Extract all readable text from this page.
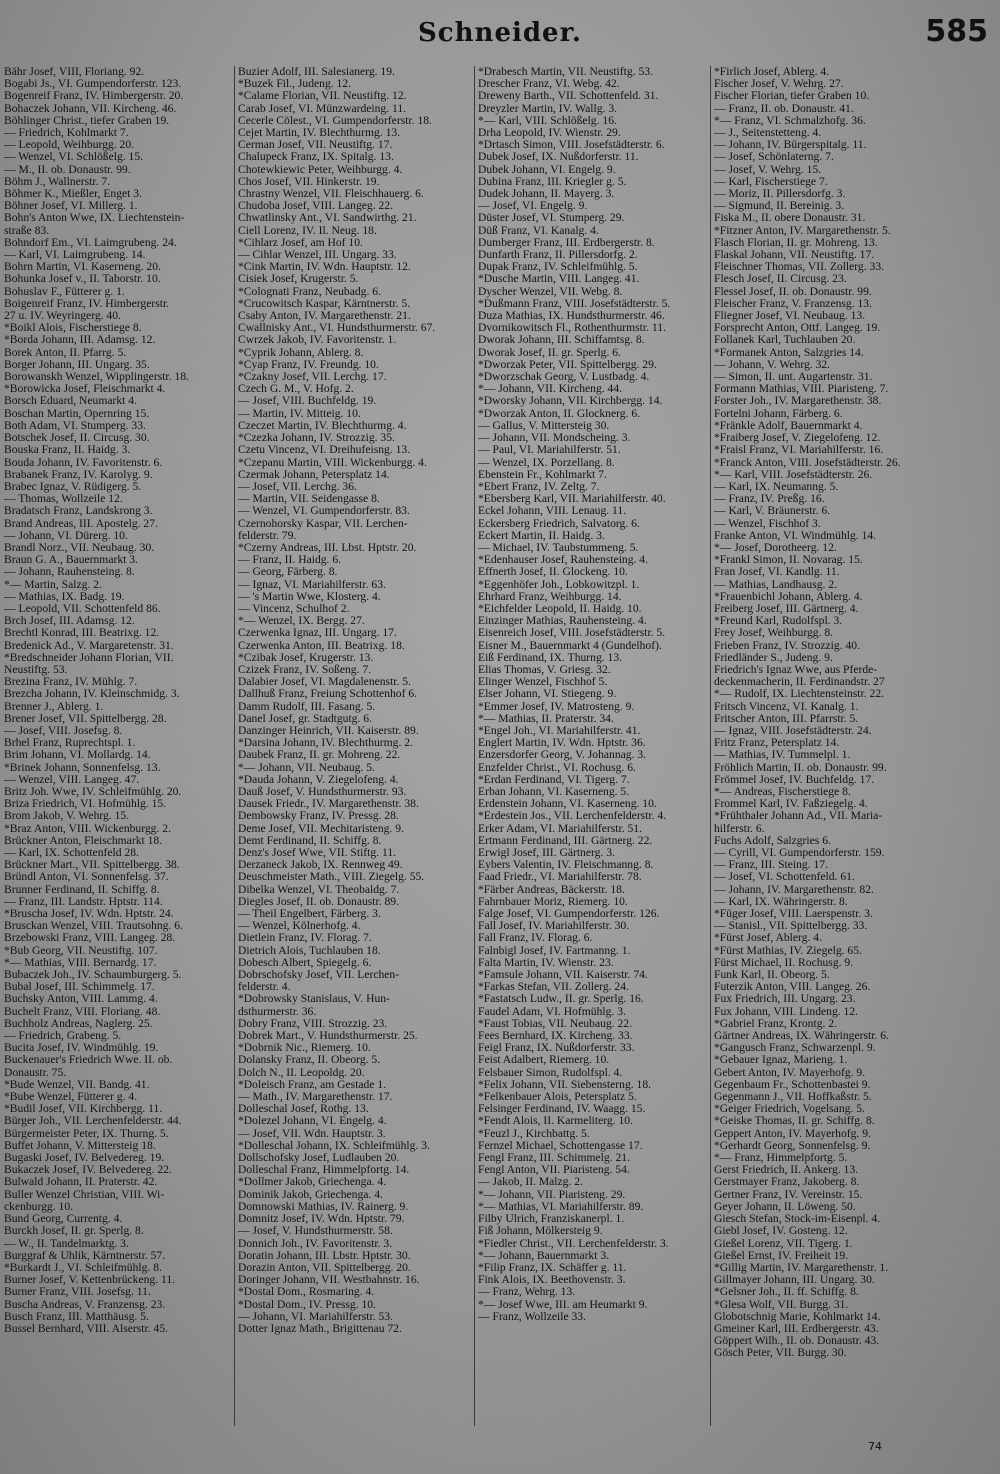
Schneider.	585
Bähr Josef, VIII, Floriang. 92.
Bogabi Js., VI. Gumpendorferstr. 123.
Bogenreif Franz, IV. Himbergerstr. 20.
Bohaczek Johann, VII. Kircheng. 46.
Böhlinger Christ., tiefer Graben 19.
— Friedrich, Kohlmarkt 7.
— Leopold, Weihburgg. 20.
— Wenzel, VI. Schlößelg. 15.
— M., II. ob. Donaustr. 99.
Böhm J., Wallnerstr. 7.
Böhmer K., Mießler, Enget 3.
Böhner Josef, VI. Millerg. 1.
Bohn's Anton Wwe, IX. Liechtenstein-
straße 83.
Bohndorf Em., VI. Laimgrubeng. 24.
— Karl, VI. Laimgrubeng. 14.
Bohrn Martin, VI. Kaserneng. 20.
Bohunka Josef v., II. Taborstr. 10.
Bohuslav F., Fütterer g. 1.
Boigenreif Franz, IV. Himbergerstr.
27 u. IV. Weyringerg. 40.
*Boikl Alois, Fischerstiege 8.
*Borda Johann, III. Adamsg. 12.
Borek Anton, II. Pfarrg. 5.
Borger Johann, III. Ungarg. 35.
Borowanskh Wenzel, Wipplingerstr. 18.
*Borowicka Josef, Fleischmarkt 4.
Borsch Eduard, Neumarkt 4.
Boschan Martin, Opernring 15.
Both Adam, VI. Stumperg. 33.
Botschek Josef, II. Circusg. 30.
Bouska Franz, II. Haidg. 3.
Bouda Johann, IV. Favoritenstr. 6.
Brabanek Franz, IV. Karolyg. 9.
Brabec Ignaz, V. Rüdigerg. 5.
— Thomas, Wollzeile 12.
Bradatsch Franz, Landskrong 3.
Brand Andreas, III. Apostelg. 27.
— Johann, VI. Dürerg. 10.
Brandl Norz., VII. Neubaug. 30.
Braun G. A., Bauernmarkt 3.
— Johann, Rauhensteing. 8.
*— Martin, Salzg. 2.
— Mathias, IX. Badg. 19.
— Leopold, VII. Schottenfeld 86.
Brch Josef, III. Adamsg. 12.
Brechtl Konrad, III. Beatrixg. 12.
Bredenick Ad., V. Margaretenstr. 31.
*Bredschneider Johann Florian, VII.
Neustiftg. 53.
Brezina Franz, IV. Mühlg. 7.
Brezcha Johann, IV. Kleinschmidg. 3.
Brenner J., Ablerg. 1.
Brener Josef, VII. Spittelbergg. 28.
— Josef, VIII. Josefsg. 8.
Brhel Franz, Ruprechtspl. 1.
Brim Johann, VI. Mollardg. 14.
*Brinek Johann, Sonnenfelsg. 13.
— Wenzel, VIII. Langeg. 47.
Britz Joh. Wwe, IV. Schleifmühlg. 20.
Briza Friedrich, VI. Hofmühlg. 15.
Brom Jakob, V. Wehrg. 15.
*Braz Anton, VIII. Wickenburgg. 2.
Brückner Anton, Fleischmarkt 18.
— Karl, IX. Schottenfeld 28.
Brückner Mart., VII. Spittelbergg. 38.
Bründl Anton, VI. Sonnenfelsg. 37.
Brunner Ferdinand, II. Schiffg. 8.
— Franz, III. Landstr. Hptstr. 114.
*Bruscha Josef, IV. Wdn. Hptstr. 24.
Brusckan Wenzel, VIII. Trautsohng. 6.
Brzebowski Franz, VIII. Langeg. 28.
*Bub Georg, VII. Neustiftg. 107.
*— Mathias, VIII. Bernardg. 17.
Bubaczek Joh., IV. Schaumburgerg. 5.
Bubal Josef, III. Schimmelg. 17.
Buchsky Anton, VIII. Lammg. 4.
Buchelt Franz, VIII. Floriang. 48.
Buchholz Andreas, Naglerg. 25.
— Friedrich, Grabeng. 5.
Bucita Josef, IV. Windmühlg. 19.
Buckenauer's Friedrich Wwe. II. ob.
Donaustr. 75.
*Bude Wenzel, VII. Bandg. 41.
*Bube Wenzel, Fütterer g. 4.
*Budil Josef, VII. Kirchbergg. 11.
Bürger Joh., VII. Lerchenfelderstr. 44.
Bürgermeister Peter, IX. Thurng. 5.
Buffet Johann, V. Mittersteig 18.
Bugaski Josef, IV. Belvedereg. 19.
Bukaczek Josef, IV. Belvedereg. 22.
Bulwald Johann, II. Praterstr. 42.
Buller Wenzel Christian, VIII. Wi-
ckenburgg. 10.
Bund Georg, Currentg. 4.
Burckh Josef, II. gr. Sperlg. 8.
— W., II. Tandelmarktg. 3.
Burggraf & Uhlik, Kärntnerstr. 57.
*Burkardt J., VI. Schleifmühlg. 8.
Burner Josef, V. Kettenbrückeng. 11.
Burner Franz, VIII. Josefsg. 11.
Buscha Andreas, V. Franzensg. 23.
Busch Franz, III. Matthäusg. 5.
Bussel Bernhard, VIII. Alserstr. 45.
Buzier Adolf, III. Salesianerg. 19.
*Buzek Fil., Judeng. 12.
*Calame Florian, VII. Neustiftg. 12.
Carab Josef, VI. Münzwardeing. 11.
Cecerle Cölest., VI. Gumpendorferstr. 18.
Cejet Martin, IV. Blechthurmg. 13.
Cerman Josef, VII. Neustiftg. 17.
Chalupeck Franz, IX. Spitalg. 13.
Chotewkiewic Peter, Weihburgg. 4.
Chos Josef, VII. Hinkerstr. 19.
Chrastny Wenzel, VII. Fleischhauerg. 6.
Chudoba Josef, VIII. Langeg. 22.
Chwatlinsky Ant., VI. Sandwirthg. 21.
Ciell Lorenz, IV. Il. Neug. 18.
*Cihlarz Josef, am Hof 10.
— Cihlar Wenzel, III. Ungarg. 33.
*Cink Martin, IV. Wdn. Hauptstr. 12.
Cisiek Josef, Krugerstr. 5.
*Colognati Franz, Neubadg. 6.
*Crucowitsch Kaspar, Kärntnerstr. 5.
Csaby Anton, IV. Margarethenstr. 21.
Cwallnisky Ant., VI. Hundsthurmerstr. 67.
Cwrzek Jakob, IV. Favoritenstr. 1.
*Cyprik Johann, Ablerg. 8.
*Cyap Franz, IV. Freundg. 10.
*Czakny Josef, VII. Lerchg. 17.
Czech G. M., V. Hofg. 2.
— Josef, VIII. Buchfeldg. 19.
— Martin, IV. Mitteig. 10.
Czeczet Martin, IV. Blechthurmg. 4.
*Czezka Johann, IV. Strozzig. 35.
Czetu Vincenz, VI. Dreihufeisng. 13.
*Czepanu Martin, VIII. Wickenburgg. 4.
Czermak Johann, Petersplatz 14.
— Josef, VII. Lerchg. 36.
— Martin, VII. Seidengasse 8.
— Wenzel, VI. Gumpendorferstr. 83.
Czernohorsky Kaspar, VII. Lerchen-
felderstr. 79.
*Czerny Andreas, III. Lbst. Hptstr. 20.
— Franz, II. Haidg. 6.
— Georg, Färberg. 8.
— Ignaz, VI. Mariahilferstr. 63.
— 's Martin Wwe, Klosterg. 4.
— Vincenz, Schulhof 2.
*— Wenzel, IX. Bergg. 27.
Czerwenka Ignaz, III. Ungarg. 17.
Czerwenka Anton, III. Beatrixg. 18.
*Czibak Josef, Krugerstr. 13.
Czizek Franz, IV. Soßeng. 7.
Dalabier Josef, VI. Magdalenenstr. 5.
Dallhuß Franz, Freiung Schottenhof 6.
Damm Rudolf, III. Fasang. 5.
Danel Josef, gr. Stadtgutg. 6.
Danzinger Heinrich, VII. Kaiserstr. 89.
*Darsina Johann, IV. Blechthurmg. 2.
Daubek Franz, II. gr. Mohreng. 22.
*— Johann, VII. Neubaug. 5.
*Dauda Johann, V. Ziegelofeng. 4.
Dauß Josef, V. Hundsthurmerstr. 93.
Dausek Friedr., IV. Margarethenstr. 38.
Dembowsky Franz, IV. Pressg. 28.
Deme Josef, VII. Mechitaristeng. 9.
Demt Ferdinand, II. Schiffg. 8.
Denz's Josef Wwe, VII. Stiftg. 11.
Derzaneck Jakob, IX. Rennweg 49.
Deuschmeister Math., VIII. Ziegelg. 55.
Dibelka Wenzel, VI. Theobaldg. 7.
Diegles Josef, II. ob. Donaustr. 89.
— Theil Engelbert, Färberg. 3.
— Wenzel, Kölnerhofg. 4.
Dietlein Franz, IV. Florag. 7.
Dietrich Alois, Tuchlauben 18.
Dobesch Albert, Spiegelg. 6.
Dobrschofsky Josef, VII. Lerchen-
felderstr. 4.
*Dobrowsky Stanislaus, V. Hun-
dsthurmerstr. 36.
Dobry Franz, VIII. Strozzig. 23.
Dobrek Mart., V. Hundsthurmerstr. 25.
*Dobrnik Nic., Riemerg. 10.
Dolansky Franz, II. Obeorg. 5.
Dolch N., II. Leopoldg. 20.
*Doleisch Franz, am Gestade 1.
— Math., IV. Margarethenstr. 17.
Dolleschal Josef, Rothg. 13.
*Dolezel Johann, VI. Engelg. 4.
— Josef, VII. Wdn. Hauptstr. 3.
*Dolleschal Johann, IX. Schleifmühlg. 3.
Dollschofsky Josef, Ludlauben 20.
Dolleschal Franz, Himmelpfortg. 14.
*Dollmer Jakob, Griechenga. 4.
Dominik Jakob, Griechenga. 4.
Domnowski Mathias, IV. Rainerg. 9.
Domnitz Josef, IV. Wdn. Hptstr. 79.
— Josef, V. Hundsthurmerstr. 58.
Donnich Joh., IV. Favoritenstr. 3.
Doratin Johann, III. Lbstr. Hptstr. 30.
Dorazin Anton, VII. Spittelbergg. 20.
Doringer Johann, VII. Westbahnstr. 16.
*Dostal Dom., Rosmaring. 4.
*Dostal Dom., IV. Pressg. 10.
— Johann, VI. Mariahilferstr. 53.
Dotter Ignaz Math., Brigittenau 72.
*Drabesch Martin, VII. Neustiftg. 53.
Drescher Franz, VI. Webg. 42.
Dreweny Barth., VII. Schottenfeld. 31.
Dreyzler Martin, IV. Wallg. 3.
*— Karl, VIII. Schlößelg. 16.
Drha Leopold, IV. Wienstr. 29.
*Drtasch Simon, VIII. Josefstädterstr. 6.
Dubek Josef, IX. Nußdorferstr. 11.
Dubek Johann, VI. Engelg. 9.
Dubina Franz, III. Kriegler g. 5.
Dudek Johann, II. Mayerg. 3.
— Josef, VI. Engelg. 9.
Düster Josef, VI. Stumperg. 29.
Düß Franz, VI. Kanalg. 4.
Dumberger Franz, III. Erdbergerstr. 8.
Dunfarth Franz, II. Pillersdorfg. 2.
Dupak Franz, IV. Schleifmühlg. 5.
*Dusche Martin, VIII. Langeg. 41.
Dyscher Wenzel, VII. Webg. 8.
*Dußmann Franz, VIII. Josefstädterstr. 5.
Duza Mathias, IX. Hundsthurmerstr. 46.
Dvornikowitsch Fl., Rothenthurmstr. 11.
Dworak Johann, III. Schiffamtsg. 8.
Dworak Josef, II. gr. Sperlg. 6.
*Dworzak Peter, VII. Spittelbergg. 29.
*Dworzschak Georg, V. Lustbadg. 4.
*— Johann, VII. Kircheng. 44.
*Dworsky Johann, VII. Kirchbergg. 14.
*Dworzak Anton, II. Glocknerg. 6.
— Gallus, V. Mittersteig 30.
— Johann, VII. Mondscheing. 3.
— Paul, VI. Mariahilferstr. 51.
— Wenzel, IX. Porzellang. 8.
Ebenstein Fr., Kohlmarkt 7.
*Ebert Franz, IV. Zeltg. 7.
*Ebersberg Karl, VII. Mariahilferstr. 40.
Eckel Johann, VIII. Lenaug. 11.
Eckersberg Friedrich, Salvatorg. 6.
Eckert Martin, II. Haidg. 3.
— Michael, IV. Taubstummeng. 5.
*Edenhauser Josef, Rauhensteing. 4.
Effnerth Josef, II. Glockeng. 10.
*Eggenhöfer Joh., Lobkowitzpl. 1.
Ehrhard Franz, Weihburgg. 14.
*Eichfelder Leopold, II. Haidg. 10.
Einzinger Mathias, Rauhensteing. 4.
Eisenreich Josef, VIII. Josefstädterstr. 5.
Eisner M., Bauernmarkt 4 (Gundelhof).
Eiß Ferdinand, IX. Thurng. 13.
Elias Thomas, V. Griesg. 32.
Elinger Wenzel, Fischhof 5.
Elser Johann, VI. Stiegeng. 9.
*Emmer Josef, IV. Matrosteng. 9.
*— Mathias, II. Praterstr. 34.
*Engel Joh., VI. Mariahilferstr. 41.
Englert Martin, IV. Wdn. Hptstr. 36.
Enzersdorfer Georg, V. Johannag. 3.
Enzfelder Christ., VI. Rochusg. 6.
*Erdan Ferdinand, VI. Tigerg. 7.
Erban Johann, VI. Kaserneng. 5.
Erdenstein Johann, VI. Kaserneng. 10.
*Erdestein Jos., VII. Lerchenfelderstr. 4.
Erker Adam, VI. Mariahilferstr. 51.
Ertmann Ferdinand, III. Gärtnerg. 22.
Erwigl Josef, III. Gärtnerg. 3.
Eybers Valentin, IV. Fleischmanng. 8.
Faad Friedr., VI. Mariahilferstr. 78.
*Färber Andreas, Bäckerstr. 18.
Fahrnbauer Moriz, Riemerg. 10.
Falge Josef, VI. Gumpendorferstr. 126.
Fall Josef, IV. Mariahilferstr. 30.
Fall Franz, IV. Florag. 6.
Falnbigl Josef, IV. Fartmanng. 1.
Falta Martin, IV. Wienstr. 23.
*Famsule Johann, VII. Kaiserstr. 74.
*Farkas Stefan, VII. Zollerg. 24.
*Fastatsch Ludw., II. gr. Sperlg. 16.
Faudel Adam, VI. Hofmühlg. 3.
*Faust Tobias, VII. Neubaug. 22.
Fees Bernhard, IX. Kircheng. 33.
Feigl Franz, IX. Nußdorferstr. 33.
Feist Adalbert, Riemerg. 10.
Felsbauer Simon, Rudolfspl. 4.
*Felix Johann, VII. Siebensterng. 18.
*Felkenbauer Alois, Petersplatz 5.
Felsinger Ferdinand, IV. Waagg. 15.
*Fendt Alois, II. Karmeliterg. 10.
*Feuzl J., Kirchbattg. 5.
Fernzel Michael, Schottengasse 17.
Fengl Franz, III. Schimmelg. 21.
Fengl Anton, VII. Piaristeng. 54.
— Jakob, II. Malzg. 2.
*— Johann, VII. Piaristeng. 29.
*— Mathias, VI. Mariahilferstr. 89.
Filby Ulrich, Franziskanerpl. 1.
Fiß Johann, Mölkersteig 9.
*Fiedler Christ., VII. Lerchenfelderstr. 3.
*— Johann, Bauernmarkt 3.
*Filip Franz, IX. Schäffer g. 11.
Fink Alois, IX. Beethovenstr. 3.
— Franz, Wehrg. 13.
*— Josef Wwe, III. am Heumarkt 9.
— Franz, Wollzeile 33.
*Firlich Josef, Ablerg. 4.
Fischer Josef, V. Wehrg. 27.
Fischer Florian, tiefer Graben 10.
— Franz, II. ob. Donaustr. 41.
*— Franz, VI. Schmalzhofg. 36.
— J., Seitenstetteng. 4.
— Johann, IV. Bürgerspitalg. 11.
— Josef, Schönlaterng. 7.
— Josef, V. Wehrg. 15.
— Karl, Fischerstiege 7.
— Moriz, II. Pillersdorfg. 3.
— Sigmund, II. Bereinig. 3.
Fiska M., II. obere Donaustr. 31.
*Fitzner Anton, IV. Margarethenstr. 5.
Flasch Florian, II. gr. Mohreng. 13.
Flaskal Johann, VII. Neustiftg. 17.
Fleischner Thomas, VII. Zollerg. 33.
Flesch Josef, II. Circusg. 23.
Flessel Josef, II. ob. Donaustr. 99.
Fleischer Franz, V. Franzensg. 13.
Fliegner Josef, VI. Neubaug. 13.
Forsprecht Anton, Ottf. Langeg. 19.
Follanek Karl, Tuchlauben 20.
*Formanek Anton, Salzgries 14.
— Johann, V. Wehrg. 32.
— Simon, II. unt. Augartenstr. 31.
Formann Mathias, VIII. Piaristeng. 7.
Forster Joh., IV. Margarethenstr. 38.
Fortelni Johann, Färberg. 6.
*Fränkle Adolf, Bauernmarkt 4.
*Fraiberg Josef, V. Ziegelofeng. 12.
*Fraisl Franz, VI. Mariahilferstr. 16.
*Franck Anton, VIII. Josefstädterstr. 26.
*— Karl, VIII. Josefstädterstr. 26.
— Karl, IX. Neumanng. 5.
— Franz, IV. Preßg. 16.
— Karl, V. Bräunerstr. 6.
— Wenzel, Fischhof 3.
Franke Anton, VI. Windmühlg. 14.
*— Josef, Dorotheerg. 12.
*Frankl Simon, II. Novarag. 15.
Fran Josef, VI. Kandlg. 11.
— Mathias, Landhausg. 2.
*Frauenbichl Johann, Ablerg. 4.
Freiberg Josef, III. Gärtnerg. 4.
*Freund Karl, Rudolfspl. 3.
Frey Josef, Weihburgg. 8.
Frieben Franz, IV. Strozzig. 40.
Friedländer S., Judeng. 9.
Friedrich's Ignaz Wwe, aus Pferde-
deckenmacherin, II. Ferdinandstr. 27
*— Rudolf, IX. Liechtensteinstr. 22.
Fritsch Vincenz, VI. Kanalg. 1.
Fritscher Anton, III. Pfarrstr. 5.
— Ignaz, VIII. Josefstädterstr. 24.
Fritz Franz, Petersplatz 14.
— Mathias, IV. Tummelpl. 1.
Fröhlich Martin, II. ob. Donaustr. 99.
Frömmel Josef, IV. Buchfeldg. 17.
*— Andreas, Fischerstiege 8.
Frommel Karl, IV. Faßziegelg. 4.
*Frühthaler Johann Ad., VII. Maria-
hilferstr. 6.
Fuchs Adolf, Salzgries 6.
— Cyrill, VI. Gumpendorferstr. 159.
— Franz, III. Steing. 17.
— Josef, VI. Schottenfeld. 61.
— Johann, IV. Margarethenstr. 82.
— Karl, IX. Währingerstr. 8.
*Füger Josef, VIII. Laerspenstr. 3.
— Stanisl., VII. Spittelbergg. 33.
*Fürst Josef, Ablerg. 4.
*Fürst Mathias, IV. Ziegelg. 65.
Fürst Michael, II. Rochusg. 9.
Funk Karl, II. Obeorg. 5.
Futerzik Anton, VIII. Langeg. 26.
Fux Friedrich, III. Ungarg. 23.
Fux Johann, VIII. Lindeng. 12.
*Gabriel Franz, Krontg. 2.
Gärtner Andreas, IX. Währingerstr. 6.
*Gangusch Franz, Schwarzenpl. 9.
*Gebauer Ignaz, Marieng. 1.
Gebert Anton, IV. Mayerhofg. 9.
Gegenbaum Fr., Schottenbastei 9.
Gegenmann J., VII. Hoffkaßstr. 5.
*Geiger Friedrich, Vogelsang. 5.
*Geiske Thomas, II. gr. Schiffg. 8.
Geppert Anton, IV. Mayerhofg. 9.
*Gerhardt Georg, Sonnenfelsg. 9.
*— Franz, Himmelpfortg. 5.
Gerst Friedrich, II. Ankerg. 13.
Gerstmayer Franz, Jakoberg. 8.
Gertner Franz, IV. Vereinstr. 15.
Geyer Johann, II. Löweng. 50.
Giesch Stefan, Stock-im-Eisenpl. 4.
Giebl Josef, IV. Gosteng. 12.
Gießel Lorenz, VII. Tigerg. 1.
Gießel Ernst, IV. Freiheit 19.
*Gillig Martin, IV. Margarethenstr. 1.
Gillmayer Johann, III. Ungarg. 30.
*Gelsner Joh., II. ff. Schiffg. 8.
*Glesa Wolf, VII. Burgg. 31.
Globotschnig Marie, Kohlmarkt 14.
Gmeiner Karl, III. Erdbergerstr. 43.
Göppert Wilh., II. ob. Donaustr. 43.
Gösch Peter, VII. Burgg. 30.
74
